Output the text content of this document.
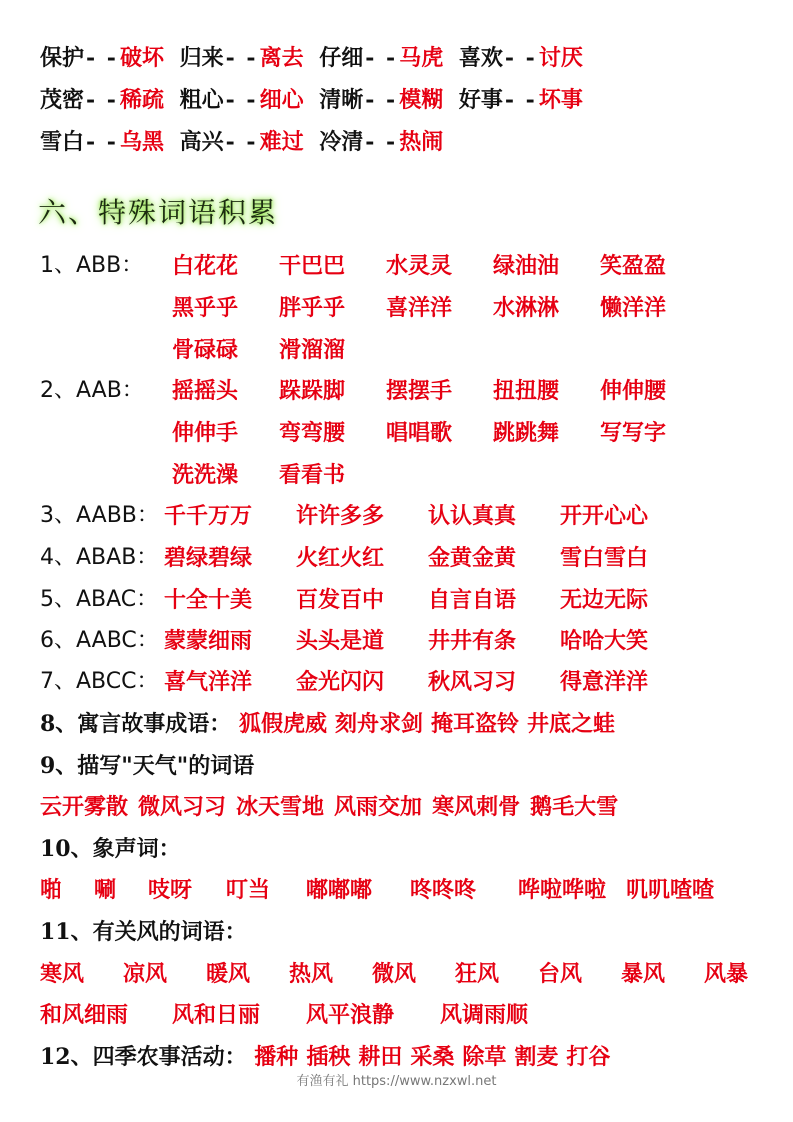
保护- -破坏 归来- -离去 仔细- -马虎 喜欢- -讨厌
茂密- -稀疏 粗心- -细心 清晰- -模糊 好事- -坏事
雪白- -乌黑 高兴- -难过 冷清- -热闹
六、特殊词语积累
1、ABB： 白花花 干巴巴 水灵灵 绿油油 笑盈盈
黑乎乎 胖乎乎 喜洋洋 水淋淋 懒洋洋
骨碌碌 滑溜溜
2、AAB： 摇摇头 跺跺脚 摆摆手 扭扭腰 伸伸腰
伸伸手 弯弯腰 唱唱歌 跳跳舞 写写字
洗洗澡 看看书
3、AABB： 千千万万 许许多多 认认真真 开开心心
4、ABAB： 碧绿碧绿 火红火红 金黄金黄 雪白雪白
5、ABAC： 十全十美 百发百中 自言自语 无边无际
6、AABC： 蒙蒙细雨 头头是道 井井有条 哈哈大笑
7、ABCC： 喜气洋洋 金光闪闪 秋风习习 得意洋洋
8、寓言故事成语： 狐假虎威 刻舟求剑 掩耳盗铃 井底之蛙
9、描写"天气"的词语
云开雾散 微风习习 冰天雪地 风雨交加 寒风刺骨 鹅毛大雪
10、象声词：
啪 唰 吱呀 叮当 嘟嘟嘟 咚咚咚 哗啦哗啦 叽叽喳喳
11、有关风的词语：
寒风 凉风 暖风 热风 微风 狂风 台风 暴风 风暴
和风细雨 风和日丽 风平浪静 风调雨顺
12、四季农事活动： 播种 插秧 耕田 采桑 除草 割麦 打谷
有渔有礼 https://www.nzxwl.net
